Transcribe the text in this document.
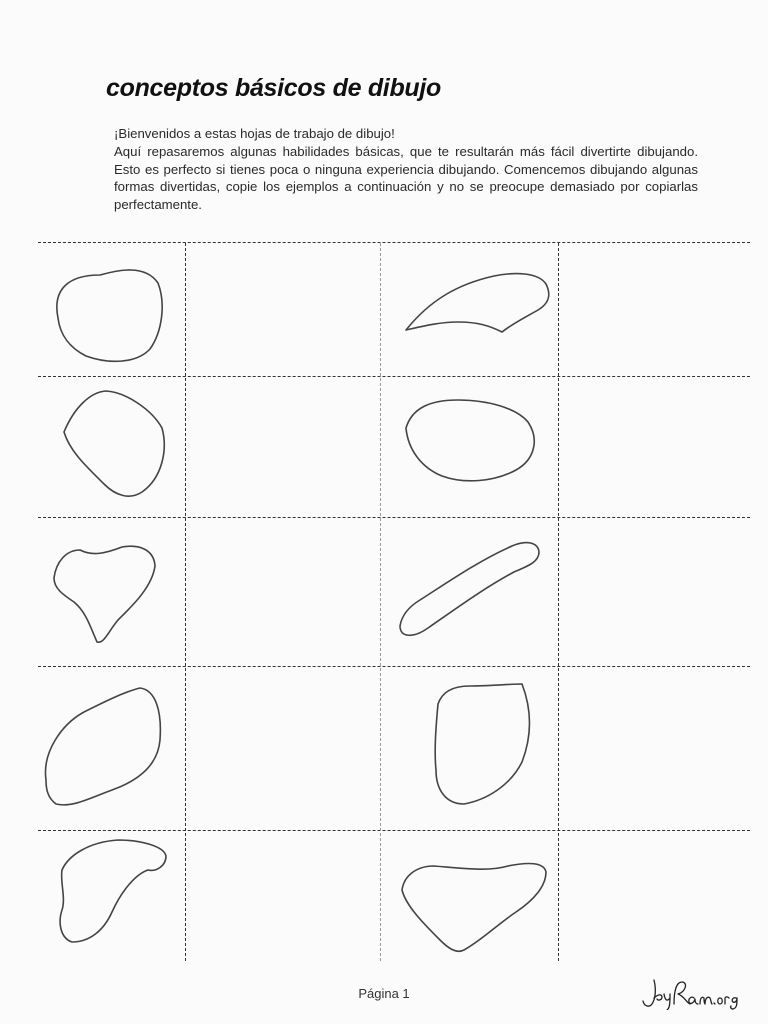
conceptos básicos de dibujo

¡Bienvenidos a estas hojas de trabajo de dibujo!

Aquí repasaremos algunas habilidades básicas, que te resultarán más fácil divertirte dibujando. Esto es perfecto si tienes poca o ninguna experiencia dibujando. Comencemos dibujando algunas formas divertidas, copie los ejemplos a continuación y no se preocupe demasiado por copiarlas perfectamente.

Página 1
